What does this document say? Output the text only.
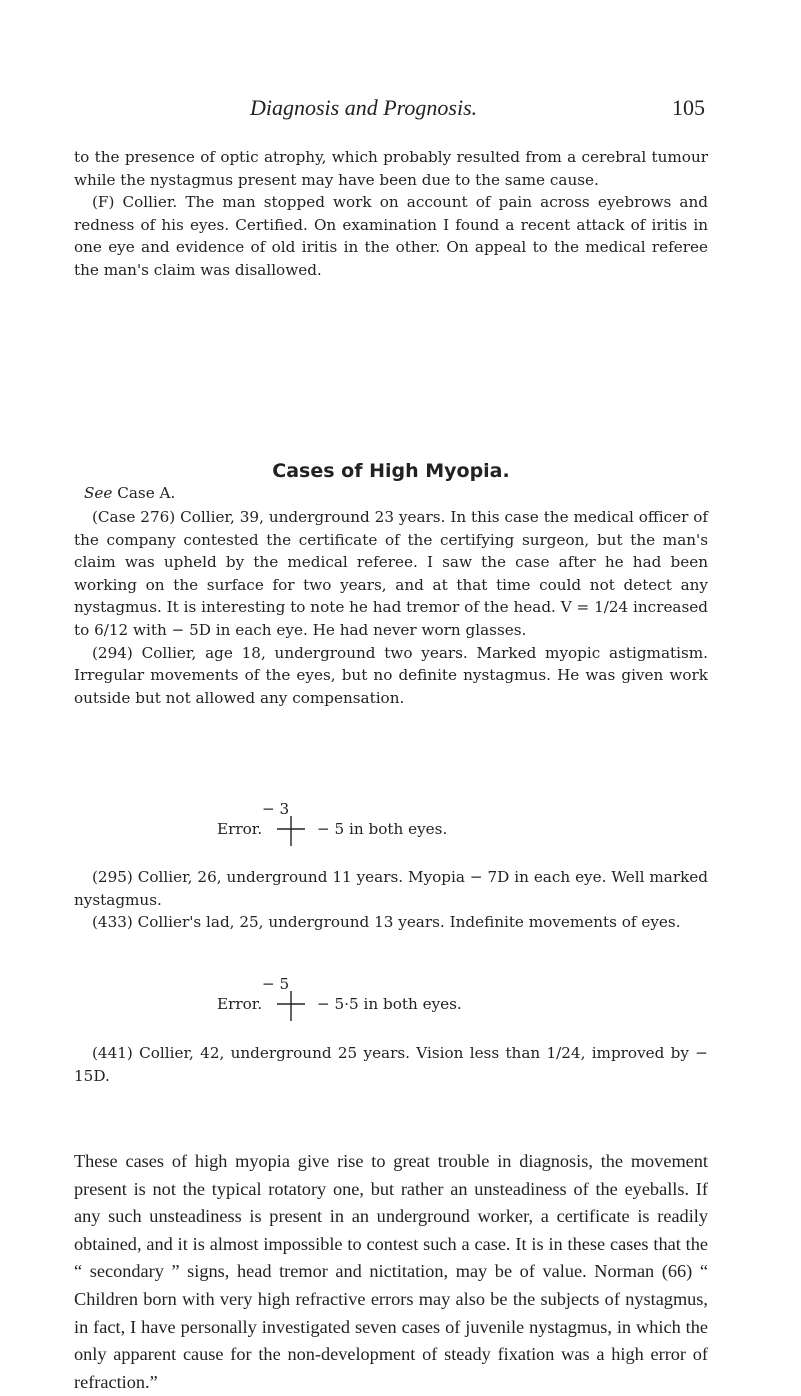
Diagnosis and Prognosis.	105

to the presence of optic atrophy, which probably resulted from a cerebral tumour while the nystagmus present may have been due to the same cause.

(F) Collier. The man stopped work on account of pain across eyebrows and redness of his eyes. Certified. On examination I found a recent attack of iritis in one eye and evidence of old iritis in the other. On appeal to the medical referee the man's claim was disallowed.

Cases of High Myopia.
See Case A.

(Case 276) Collier, 39, underground 23 years. In this case the medical officer of the company contested the certificate of the certifying surgeon, but the man's claim was upheld by the medical referee. I saw the case after he had been working on the surface for two years, and at that time could not detect any nystagmus. It is interesting to note he had tremor of the head. V = 1/24 increased to 6/12 with − 5D in each eye. He had never worn glasses.

(294) Collier, age 18, underground two years. Marked myopic astigmatism. Irregular movements of the eyes, but no definite nystagmus. He was given work outside but not allowed any compensation.

− 3
Error.	− 5 in both eyes.

(295) Collier, 26, underground 11 years. Myopia − 7D in each eye. Well marked nystagmus.

(433) Collier's lad, 25, underground 13 years. Indefinite movements of eyes.

− 5
Error.	− 5·5 in both eyes.

(441) Collier, 42, underground 25 years. Vision less than 1/24, improved by − 15D.

These cases of high myopia give rise to great trouble in diagnosis, the movement present is not the typical rotatory one, but rather an unsteadiness of the eyeballs. If any such unsteadiness is present in an underground worker, a certificate is readily obtained, and it is almost impossible to contest such a case. It is in these cases that the “ secondary ” signs, head tremor and nictitation, may be of value. Norman (66) “ Children born with very high refractive errors may also be the subjects of nystagmus, in fact, I have personally investigated seven cases of juvenile nystagmus, in which the only apparent cause for the non-development of steady fixation was a high error of refraction.”
